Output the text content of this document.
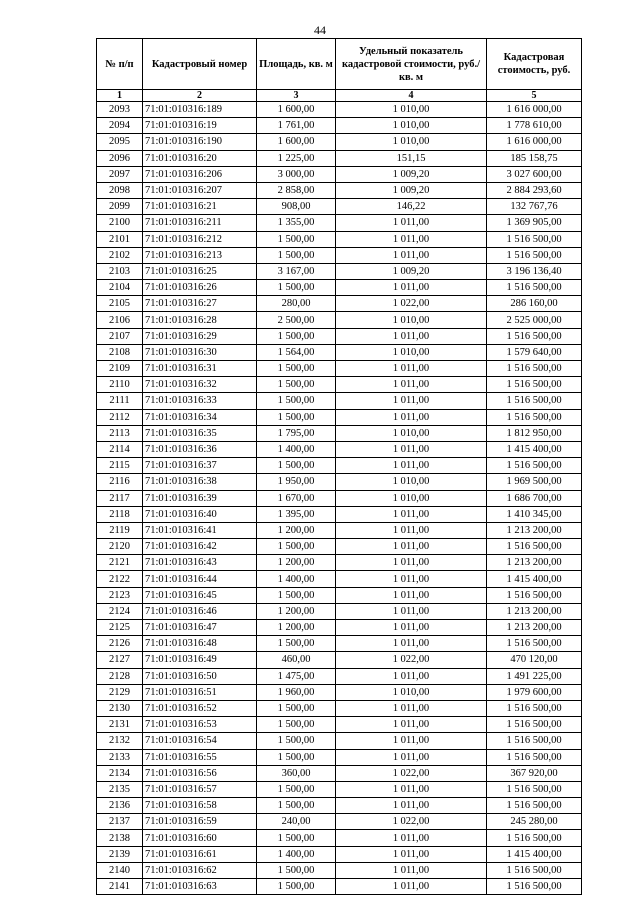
44
№ п/п	Кадастровый номер	Площадь, кв. м	Удельный показатель кадастровой стоимости, руб./кв. м	Кадастровая стоимость, руб.
1	2	3	4	5
2093	71:01:010316:189	1 600,00	1 010,00	1 616 000,00
2094	71:01:010316:19	1 761,00	1 010,00	1 778 610,00
2095	71:01:010316:190	1 600,00	1 010,00	1 616 000,00
2096	71:01:010316:20	1 225,00	151,15	185 158,75
2097	71:01:010316:206	3 000,00	1 009,20	3 027 600,00
2098	71:01:010316:207	2 858,00	1 009,20	2 884 293,60
2099	71:01:010316:21	908,00	146,22	132 767,76
2100	71:01:010316:211	1 355,00	1 011,00	1 369 905,00
2101	71:01:010316:212	1 500,00	1 011,00	1 516 500,00
2102	71:01:010316:213	1 500,00	1 011,00	1 516 500,00
2103	71:01:010316:25	3 167,00	1 009,20	3 196 136,40
2104	71:01:010316:26	1 500,00	1 011,00	1 516 500,00
2105	71:01:010316:27	280,00	1 022,00	286 160,00
2106	71:01:010316:28	2 500,00	1 010,00	2 525 000,00
2107	71:01:010316:29	1 500,00	1 011,00	1 516 500,00
2108	71:01:010316:30	1 564,00	1 010,00	1 579 640,00
2109	71:01:010316:31	1 500,00	1 011,00	1 516 500,00
2110	71:01:010316:32	1 500,00	1 011,00	1 516 500,00
2111	71:01:010316:33	1 500,00	1 011,00	1 516 500,00
2112	71:01:010316:34	1 500,00	1 011,00	1 516 500,00
2113	71:01:010316:35	1 795,00	1 010,00	1 812 950,00
2114	71:01:010316:36	1 400,00	1 011,00	1 415 400,00
2115	71:01:010316:37	1 500,00	1 011,00	1 516 500,00
2116	71:01:010316:38	1 950,00	1 010,00	1 969 500,00
2117	71:01:010316:39	1 670,00	1 010,00	1 686 700,00
2118	71:01:010316:40	1 395,00	1 011,00	1 410 345,00
2119	71:01:010316:41	1 200,00	1 011,00	1 213 200,00
2120	71:01:010316:42	1 500,00	1 011,00	1 516 500,00
2121	71:01:010316:43	1 200,00	1 011,00	1 213 200,00
2122	71:01:010316:44	1 400,00	1 011,00	1 415 400,00
2123	71:01:010316:45	1 500,00	1 011,00	1 516 500,00
2124	71:01:010316:46	1 200,00	1 011,00	1 213 200,00
2125	71:01:010316:47	1 200,00	1 011,00	1 213 200,00
2126	71:01:010316:48	1 500,00	1 011,00	1 516 500,00
2127	71:01:010316:49	460,00	1 022,00	470 120,00
2128	71:01:010316:50	1 475,00	1 011,00	1 491 225,00
2129	71:01:010316:51	1 960,00	1 010,00	1 979 600,00
2130	71:01:010316:52	1 500,00	1 011,00	1 516 500,00
2131	71:01:010316:53	1 500,00	1 011,00	1 516 500,00
2132	71:01:010316:54	1 500,00	1 011,00	1 516 500,00
2133	71:01:010316:55	1 500,00	1 011,00	1 516 500,00
2134	71:01:010316:56	360,00	1 022,00	367 920,00
2135	71:01:010316:57	1 500,00	1 011,00	1 516 500,00
2136	71:01:010316:58	1 500,00	1 011,00	1 516 500,00
2137	71:01:010316:59	240,00	1 022,00	245 280,00
2138	71:01:010316:60	1 500,00	1 011,00	1 516 500,00
2139	71:01:010316:61	1 400,00	1 011,00	1 415 400,00
2140	71:01:010316:62	1 500,00	1 011,00	1 516 500,00
2141	71:01:010316:63	1 500,00	1 011,00	1 516 500,00
